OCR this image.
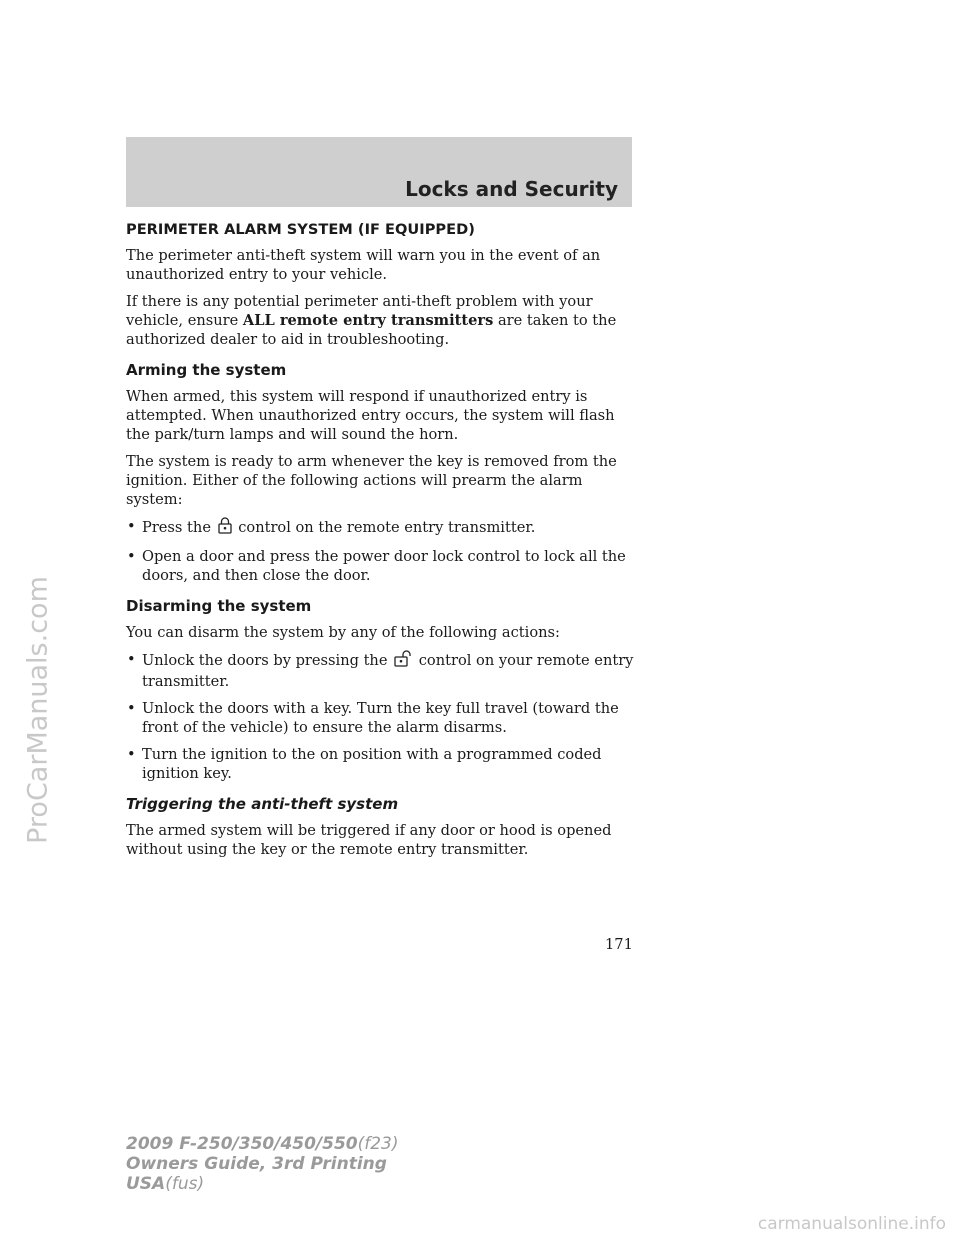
Locks and Security
PERIMETER ALARM SYSTEM (IF EQUIPPED)

The perimeter anti-theft system will warn you in the event of an unauthorized entry to your vehicle.

If there is any potential perimeter anti-theft problem with your vehicle, ensure ALL remote entry transmitters are taken to the authorized dealer to aid in troubleshooting.

Arming the system

When armed, this system will respond if unauthorized entry is attempted. When unauthorized entry occurs, the system will flash the park/turn lamps and will sound the horn.

The system is ready to arm whenever the key is removed from the ignition. Either of the following actions will prearm the alarm system:

• Press the  control on the remote entry transmitter.
• Open a door and press the power door lock control to lock all the doors, and then close the door.
Disarming the system

You can disarm the system by any of the following actions:

• Unlock the doors by pressing the  control on your remote entry transmitter.
• Unlock the doors with a key. Turn the key full travel (toward the front of the vehicle) to ensure the alarm disarms.
• Turn the ignition to the on position with a programmed coded ignition key.
Triggering the anti-theft system

The armed system will be triggered if any door or hood is opened without using the key or the remote entry transmitter.

171
2009 F-250/350/450/550(f23)
Owners Guide, 3rd Printing
USA(fus)
ProCarManuals.com
carmanualsonline.info
